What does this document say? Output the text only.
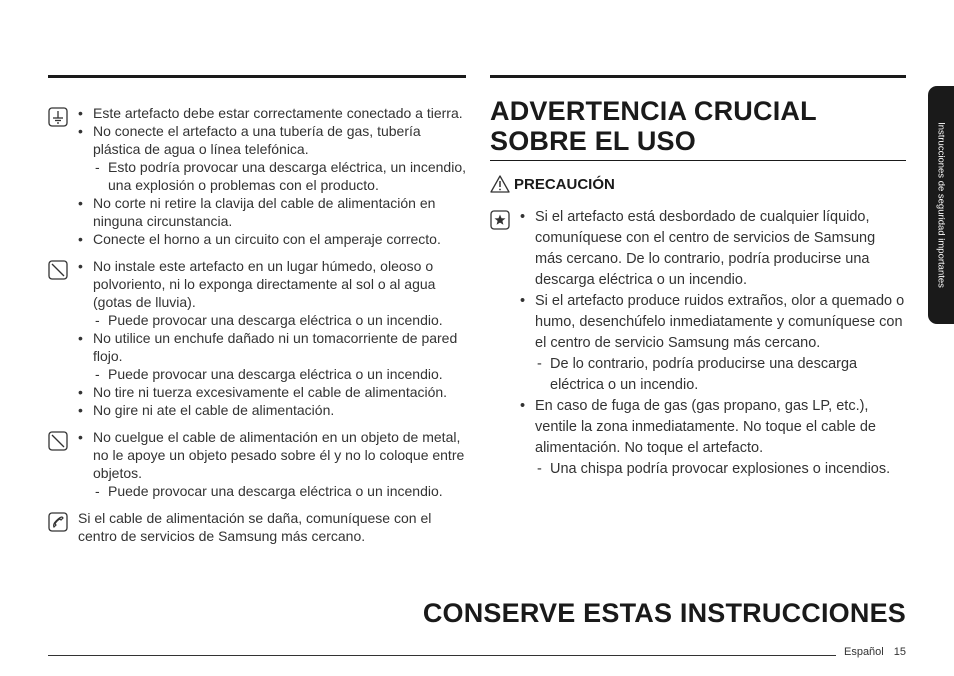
• Este artefacto debe estar correctamente conectado a tierra.
• No conecte el artefacto a una tubería de gas, tubería plástica de agua o línea telefónica.
- Esto podría provocar una descarga eléctrica, un incendio, una explosión o problemas con el producto.
• No corte ni retire la clavija del cable de alimentación en ninguna circunstancia.
• Conecte el horno a un circuito con el amperaje correcto.
• No instale este artefacto en un lugar húmedo, oleoso o polvoriento, ni lo exponga directamente al sol o al agua (gotas de lluvia).
- Puede provocar una descarga eléctrica o un incendio.
• No utilice un enchufe dañado ni un tomacorriente de pared flojo.
- Puede provocar una descarga eléctrica o un incendio.
• No tire ni tuerza excesivamente el cable de alimentación.
• No gire ni ate el cable de alimentación.
• No cuelgue el cable de alimentación en un objeto de metal, no le apoye un objeto pesado sobre él y no lo coloque entre objetos.
- Puede provocar una descarga eléctrica o un incendio.
Si el cable de alimentación se daña, comuníquese con el centro de servicios de Samsung más cercano.
ADVERTENCIA CRUCIAL SOBRE EL USO
PRECAUCIÓN
• Si el artefacto está desbordado de cualquier líquido, comuníquese con el centro de servicios de Samsung más cercano. De lo contrario, podría producirse una descarga eléctrica o un incendio.
• Si el artefacto produce ruidos extraños, olor a quemado o humo, desenchúfelo inmediatamente y comuníquese con el centro de servicio Samsung más cercano.
- De lo contrario, podría producirse una descarga eléctrica o un incendio.
• En caso de fuga de gas (gas propano, gas LP, etc.), ventile la zona inmediatamente. No toque el cable de alimentación. No toque el artefacto.
- Una chispa podría provocar explosiones o incendios.
CONSERVE ESTAS INSTRUCCIONES
Español 15
Instrucciones de seguridad importantes
